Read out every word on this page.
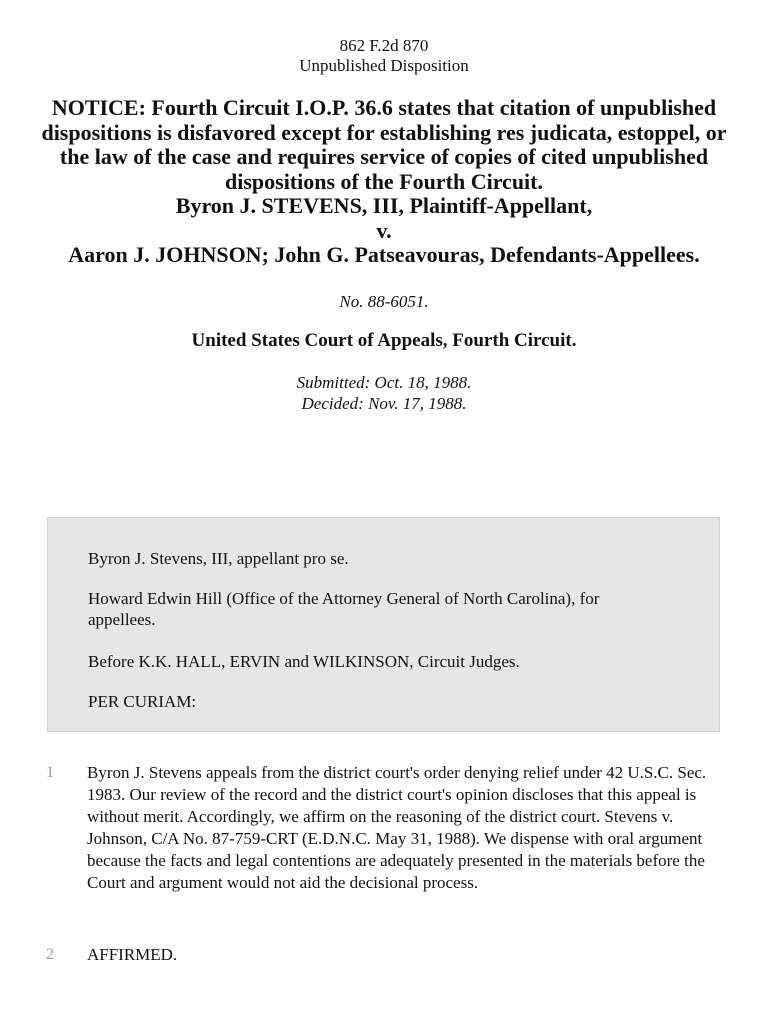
862 F.2d 870
Unpublished Disposition
NOTICE: Fourth Circuit I.O.P. 36.6 states that citation of unpublished dispositions is disfavored except for establishing res judicata, estoppel, or the law of the case and requires service of copies of cited unpublished dispositions of the Fourth Circuit.
Byron J. STEVENS, III, Plaintiff-Appellant,
v.
Aaron J. JOHNSON; John G. Patseavouras, Defendants-Appellees.
No. 88-6051.
United States Court of Appeals, Fourth Circuit.
Submitted: Oct. 18, 1988.
Decided: Nov. 17, 1988.

Byron J. Stevens, III, appellant pro se.

Howard Edwin Hill (Office of the Attorney General of North Carolina), for appellees.

Before K.K. HALL, ERVIN and WILKINSON, Circuit Judges.

PER CURIAM:

1 Byron J. Stevens appeals from the district court's order denying relief under 42 U.S.C. Sec. 1983. Our review of the record and the district court's opinion discloses that this appeal is without merit. Accordingly, we affirm on the reasoning of the district court. Stevens v. Johnson, C/A No. 87-759-CRT (E.D.N.C. May 31, 1988). We dispense with oral argument because the facts and legal contentions are adequately presented in the materials before the Court and argument would not aid the decisional process.
2 AFFIRMED.
